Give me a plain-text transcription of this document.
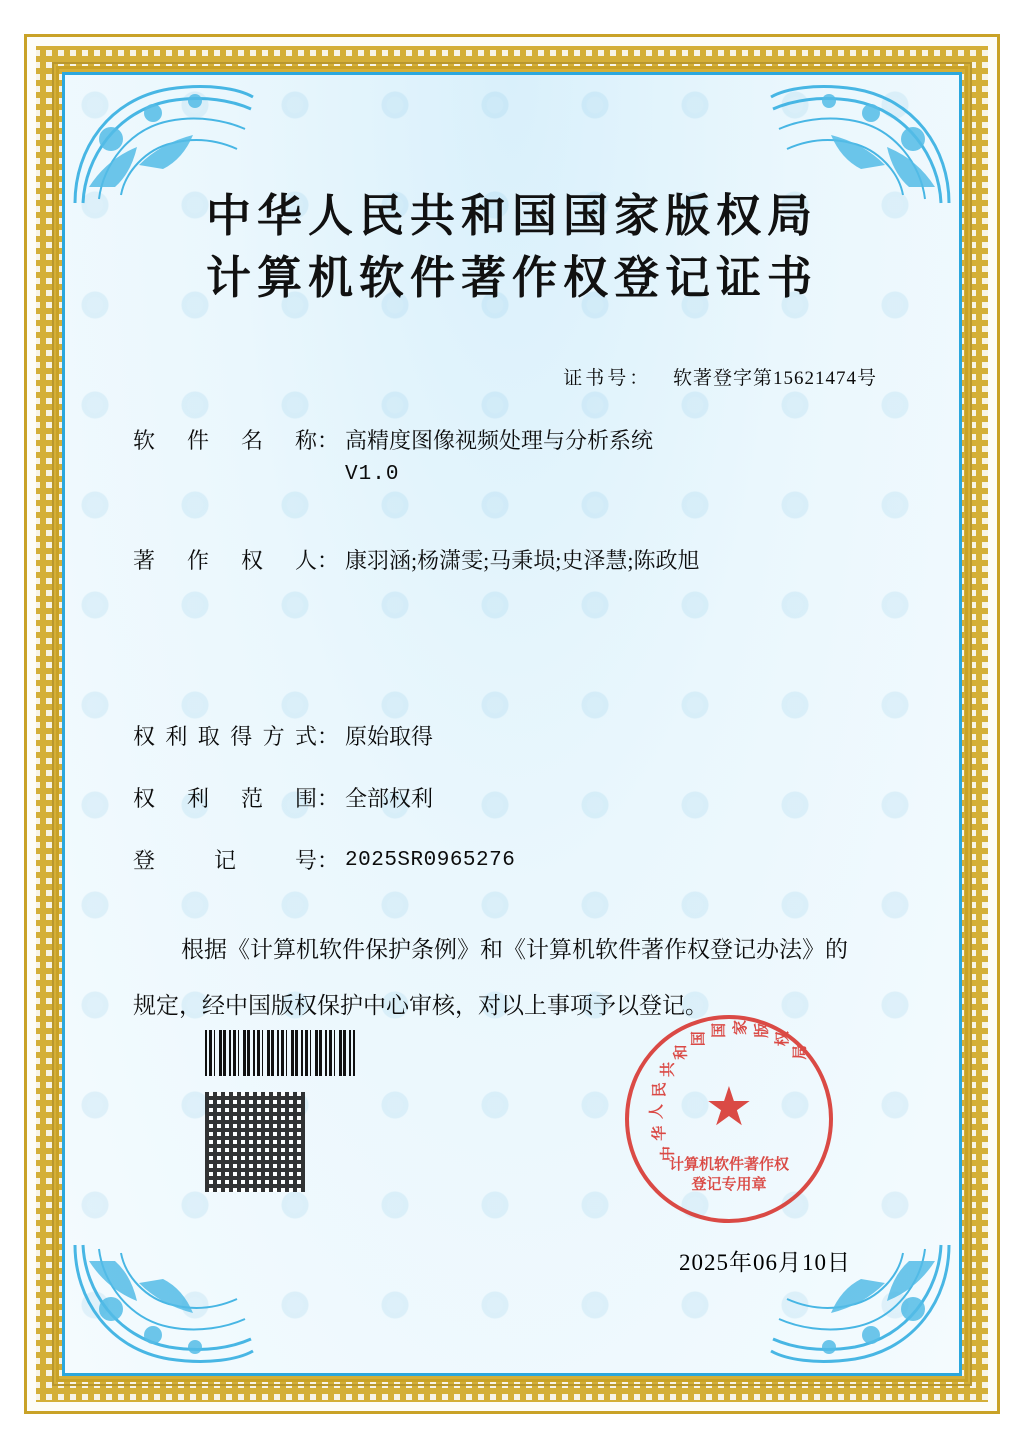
中华人民共和国国家版权局
计算机软件著作权登记证书
证书号： 软著登字第15621474号
软件名称 ： 高精度图像视频处理与分析系统
V1.0
著作权人 ： 康羽涵;杨潇雯;马秉埙;史泽慧;陈政旭
权利取得方式 ： 原始取得
权利范围 ： 全部权利
登记号 ： 2025SR0965276
根据《计算机软件保护条例》和《计算机软件著作权登记办法》的
规定，经中国版权保护中心审核，对以上事项予以登记。
中
华
人
民
共
和
国
国 家 版
权
局
★
计算机软件著作权
登记专用章
2025年06月10日
